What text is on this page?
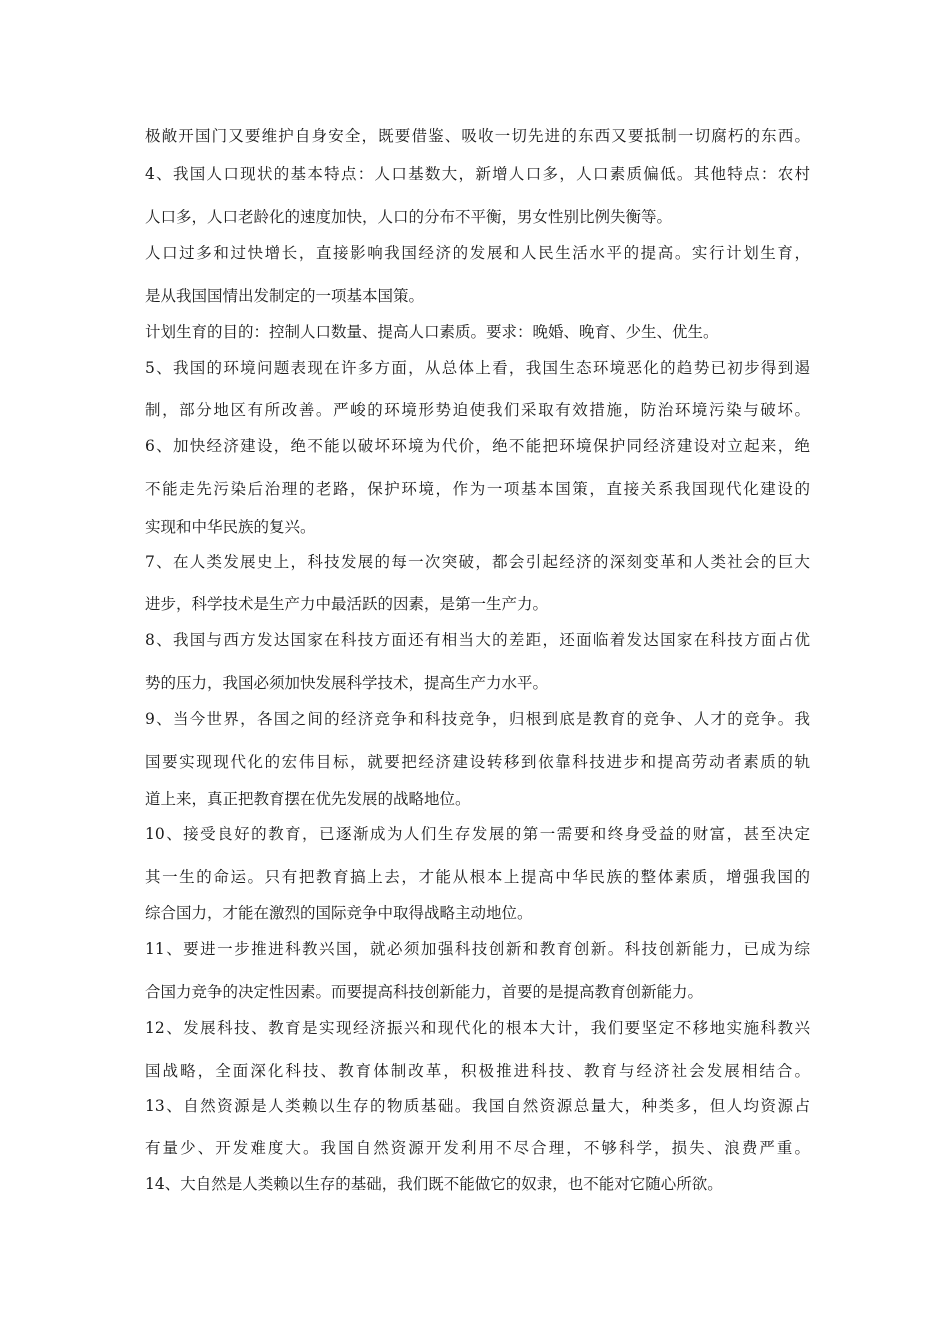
极敞开国门又要维护自身安全，既要借鉴、吸收一切先进的东西又要抵制一切腐朽的东西。
4、我国人口现状的基本特点：人口基数大，新增人口多，人口素质偏低。其他特点：农村
人口多，人口老龄化的速度加快，人口的分布不平衡，男女性别比例失衡等。
人口过多和过快增长，直接影响我国经济的发展和人民生活水平的提高。实行计划生育，
是从我国国情出发制定的一项基本国策。
计划生育的目的：控制人口数量、提高人口素质。要求：晚婚、晚育、少生、优生。
5、我国的环境问题表现在许多方面，从总体上看，我国生态环境恶化的趋势已初步得到遏
制，部分地区有所改善。严峻的环境形势迫使我们采取有效措施，防治环境污染与破坏。
6、加快经济建设，绝不能以破坏环境为代价，绝不能把环境保护同经济建设对立起来，绝
不能走先污染后治理的老路，保护环境，作为一项基本国策，直接关系我国现代化建设的
实现和中华民族的复兴。
7、在人类发展史上，科技发展的每一次突破，都会引起经济的深刻变革和人类社会的巨大
进步，科学技术是生产力中最活跃的因素，是第一生产力。
8、我国与西方发达国家在科技方面还有相当大的差距，还面临着发达国家在科技方面占优
势的压力，我国必须加快发展科学技术，提高生产力水平。
9、当今世界，各国之间的经济竞争和科技竞争，归根到底是教育的竞争、人才的竞争。我
国要实现现代化的宏伟目标，就要把经济建设转移到依靠科技进步和提高劳动者素质的轨
道上来，真正把教育摆在优先发展的战略地位。
10、接受良好的教育，已逐渐成为人们生存发展的第一需要和终身受益的财富，甚至决定
其一生的命运。只有把教育搞上去，才能从根本上提高中华民族的整体素质，增强我国的
综合国力，才能在激烈的国际竞争中取得战略主动地位。
11、要进一步推进科教兴国，就必须加强科技创新和教育创新。科技创新能力，已成为综
合国力竞争的决定性因素。而要提高科技创新能力，首要的是提高教育创新能力。
12、发展科技、教育是实现经济振兴和现代化的根本大计，我们要坚定不移地实施科教兴
国战略，全面深化科技、教育体制改革，积极推进科技、教育与经济社会发展相结合。
13、自然资源是人类赖以生存的物质基础。我国自然资源总量大，种类多，但人均资源占
有量少、开发难度大。我国自然资源开发利用不尽合理，不够科学，损失、浪费严重。
14、大自然是人类赖以生存的基础，我们既不能做它的奴隶，也不能对它随心所欲。
